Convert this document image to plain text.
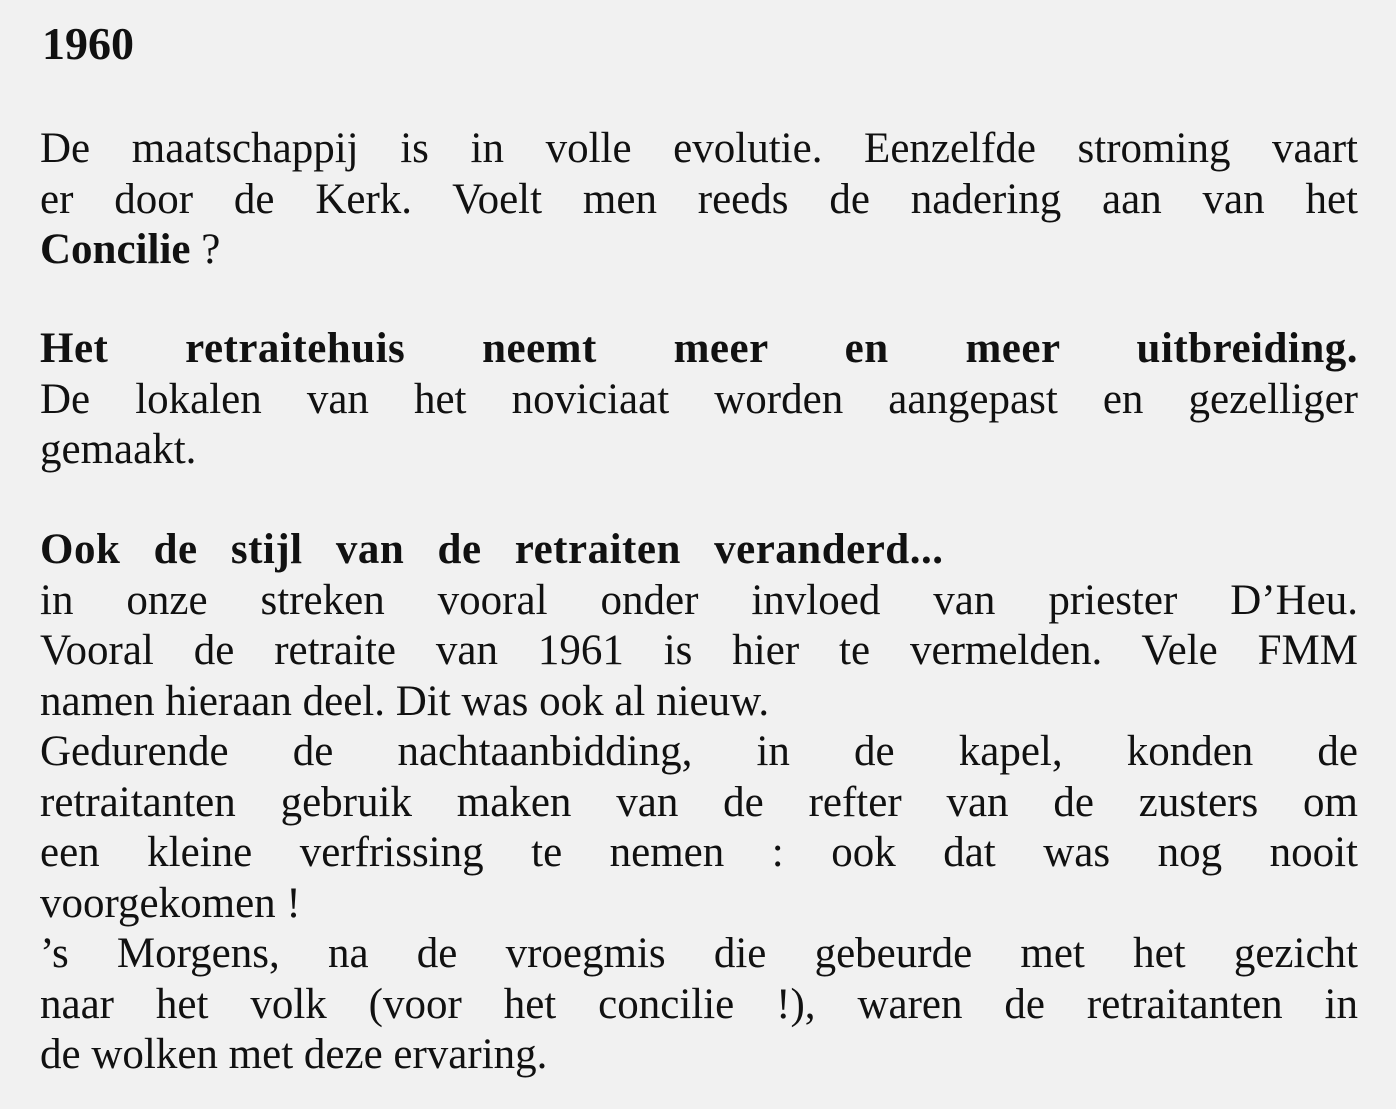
1960
De maatschappij is in volle evolutie. Eenzelfde stroming vaart
er door de Kerk. Voelt men reeds de nadering aan van het
Concilie ?
Het retraitehuis neemt meer en meer uitbreiding.
De lokalen van het noviciaat worden aangepast en gezelliger
gemaakt.
Ook de stijl van de retraiten veranderd...
in onze streken vooral onder invloed van priester D’Heu.
Vooral de retraite van 1961 is hier te vermelden. Vele FMM
namen hieraan deel. Dit was ook al nieuw.
Gedurende de nachtaanbidding, in de kapel, konden de
retraitanten gebruik maken van de refter van de zusters om
een kleine verfrissing te nemen : ook dat was nog nooit
voorgekomen !
’s Morgens, na de vroegmis die gebeurde met het gezicht
naar het volk (voor het concilie !), waren de retraitanten in
de wolken met deze ervaring.
